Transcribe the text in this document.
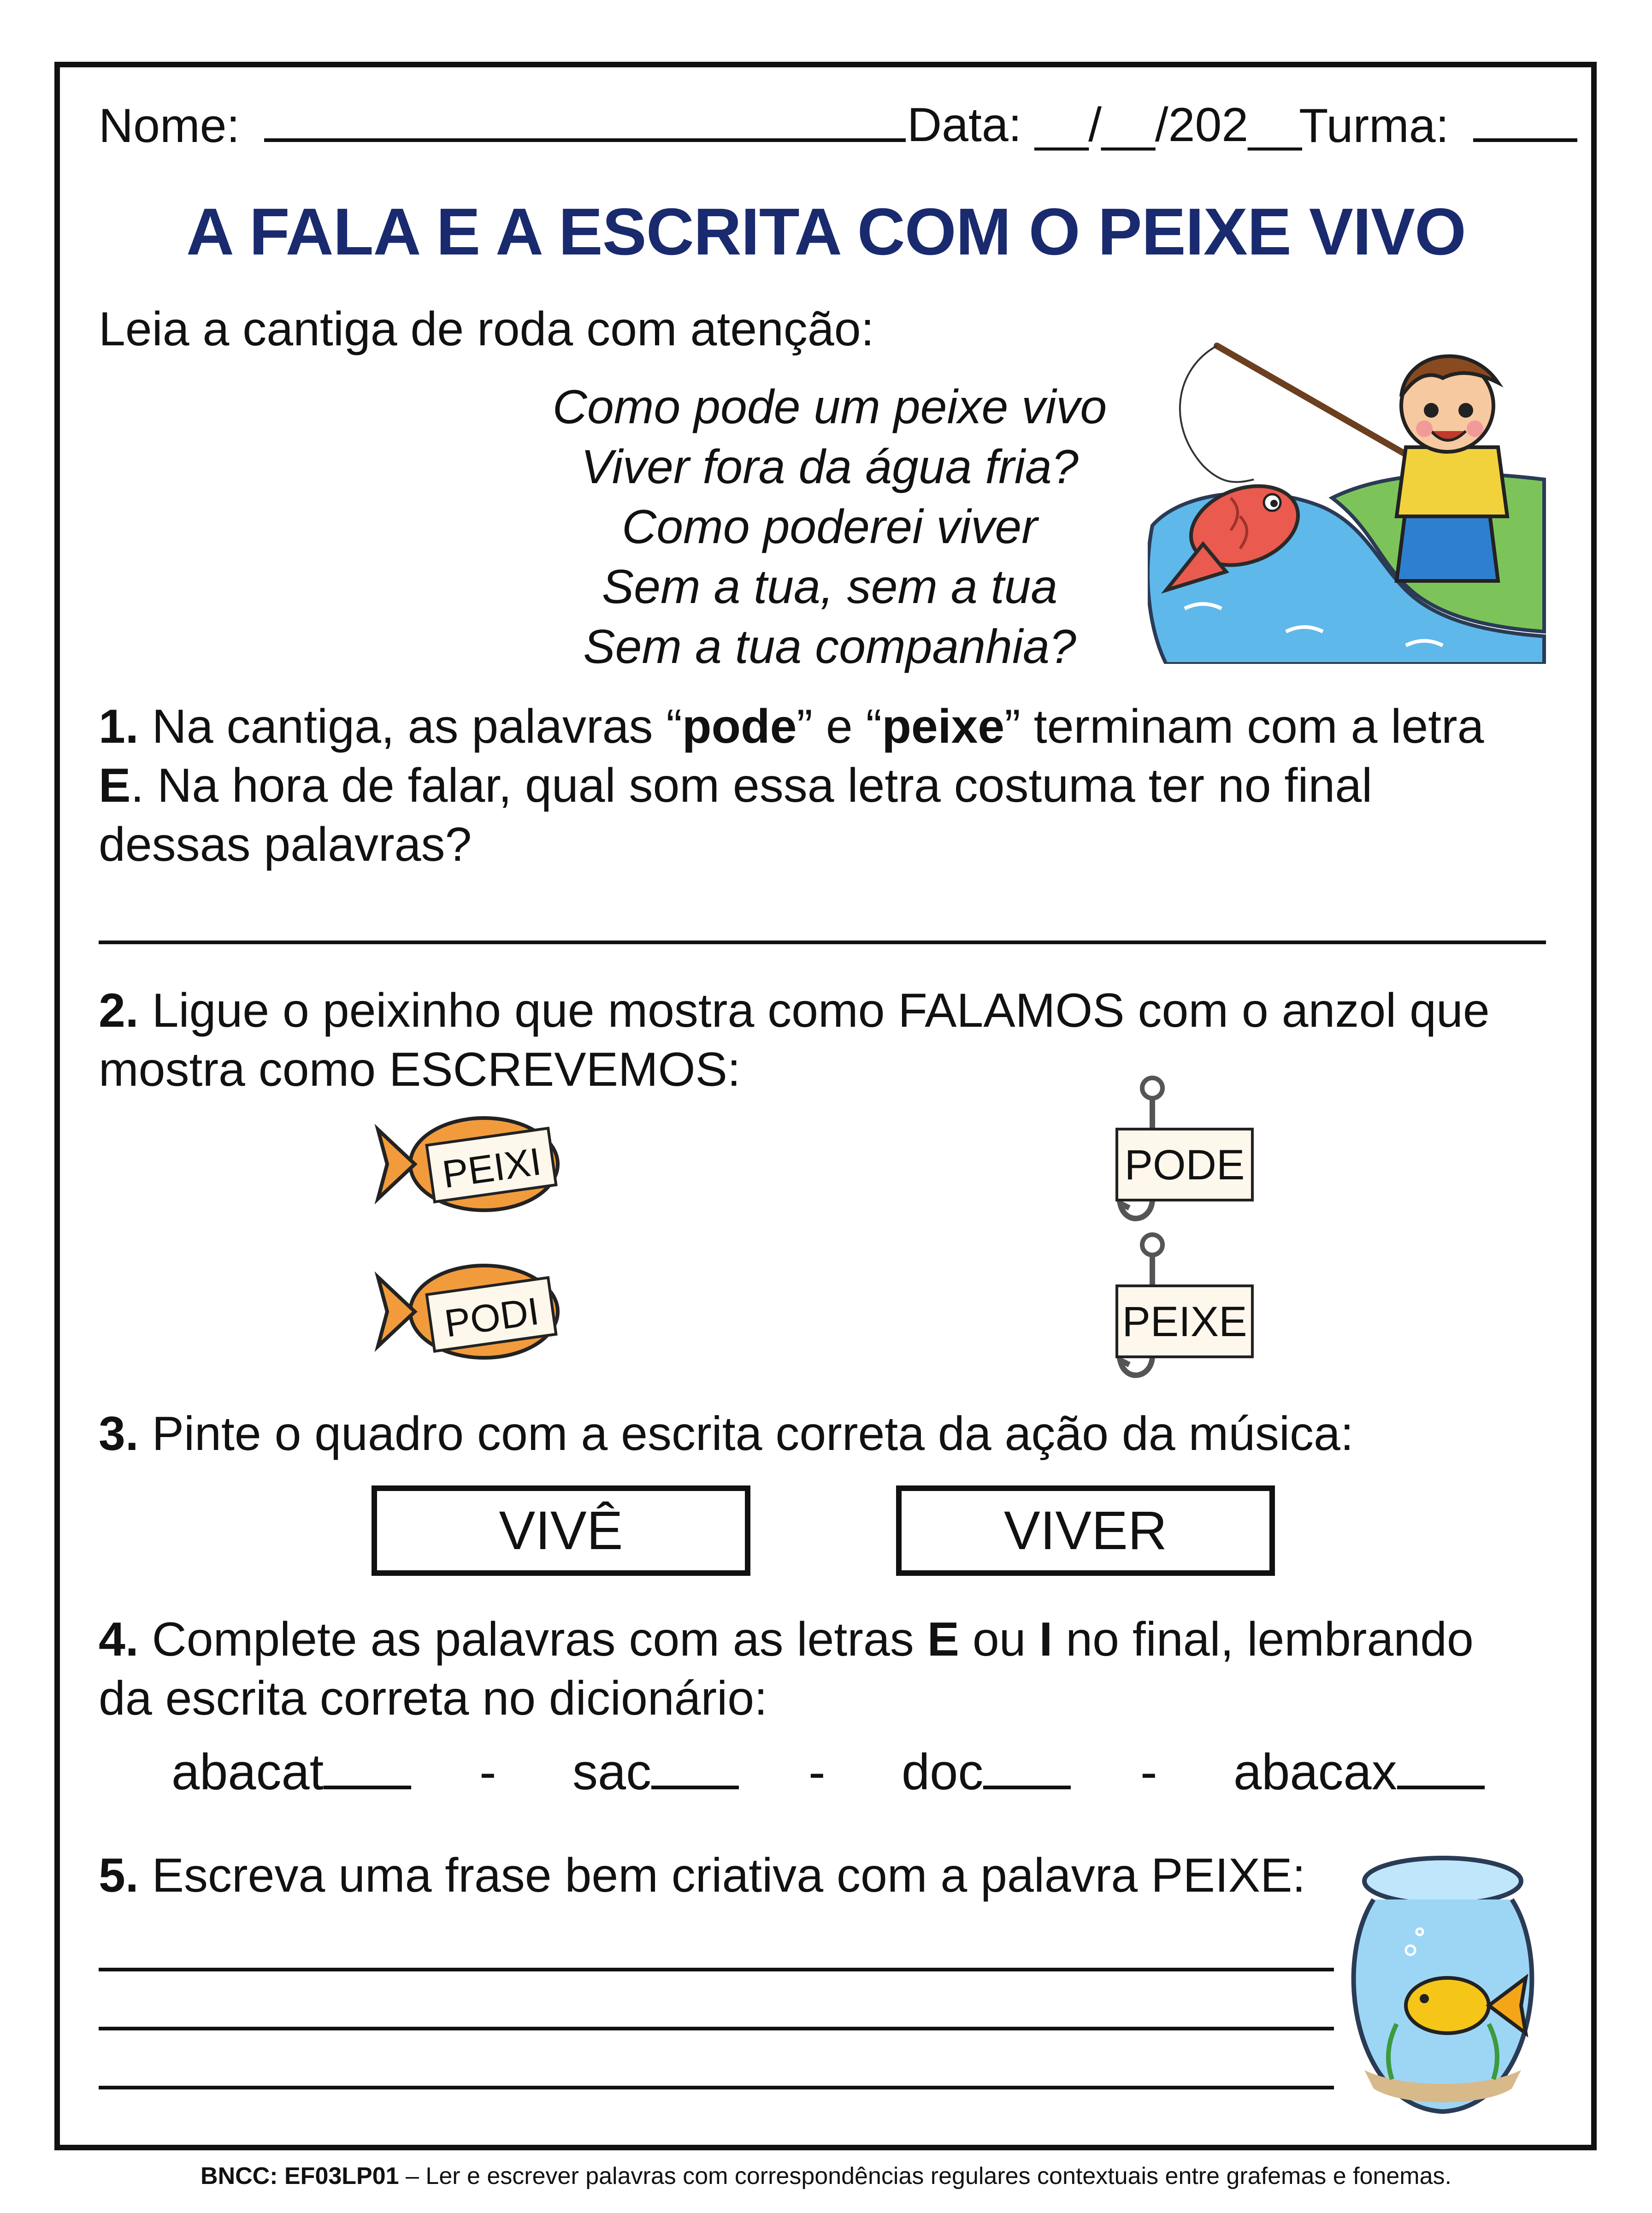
Nome:	Data: __/__/202__
Turma:
A FALA E A ESCRITA COM O PEIXE VIVO
Leia a cantiga de roda com atenção:
Como pode um peixe vivo
Viver fora da água fria?
Como poderei viver
Sem a tua, sem a tua
Sem a tua companhia?
1. Na cantiga, as palavras “pode” e “peixe” terminam com a letra
E. Na hora de falar, qual som essa letra costuma ter no final
dessas palavras?
2. Ligue o peixinho que mostra como FALAMOS com o anzol que
mostra como ESCREVEMOS:
PEIXI
PODI
PODE
PEIXE
3. Pinte o quadro com a escrita correta da ação da música:
VIVÊ	VIVER
4. Complete as palavras com as letras E ou I no final, lembrando
da escrita correta no dicionário:
abacat	- sac	- doc	- abacax
5. Escreva uma frase bem criativa com a palavra PEIXE:
BNCC: EF03LP01 – Ler e escrever palavras com correspondências regulares contextuais entre grafemas e fonemas.
